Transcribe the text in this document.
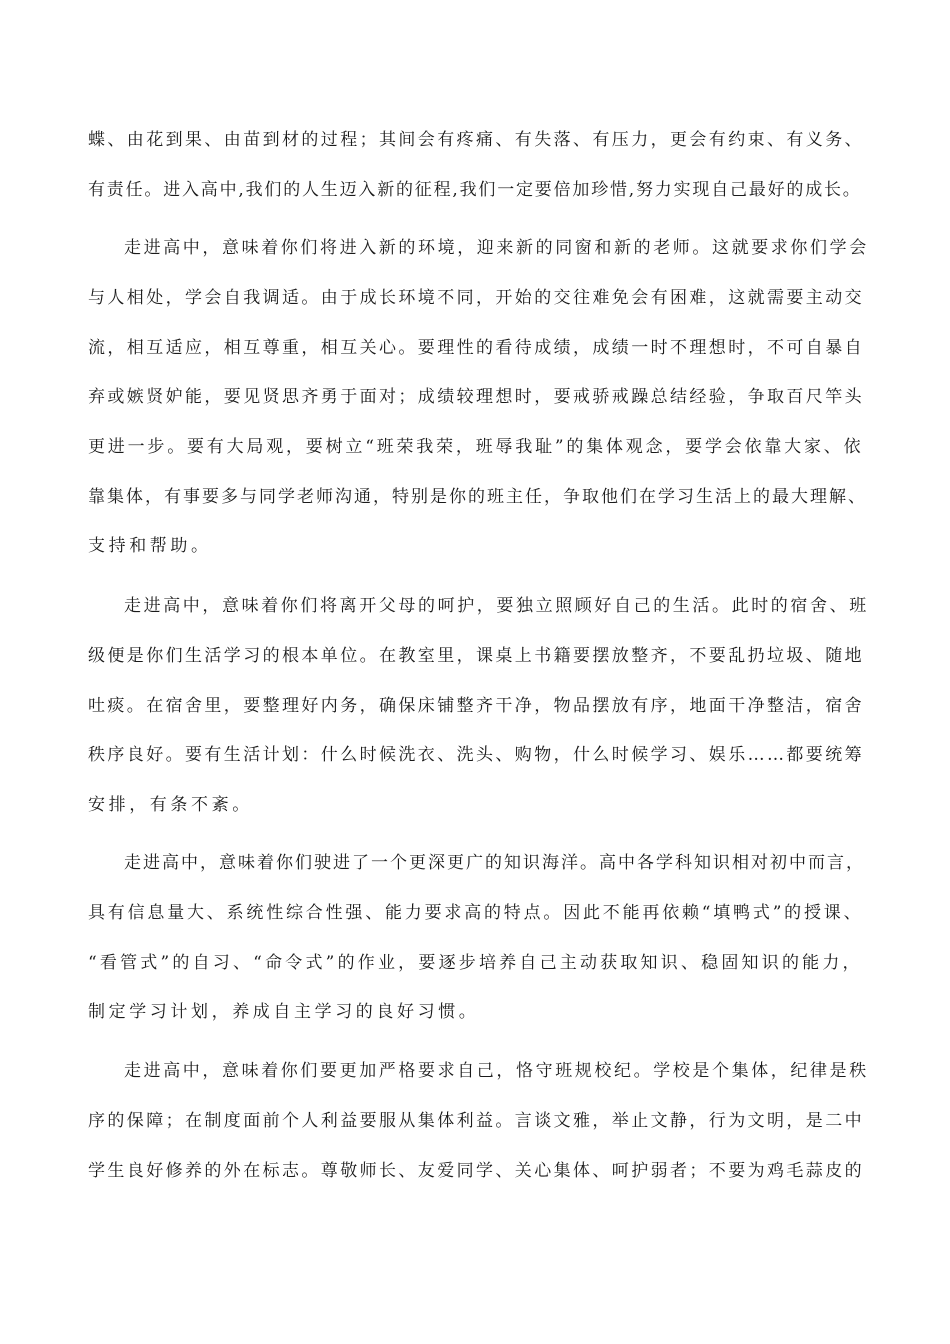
蝶、由花到果、由苗到材的过程；其间会有疼痛、有失落、有压力，更会有约束、有义务、
有责任。进入高中,我们的人生迈入新的征程,我们一定要倍加珍惜,努力实现自己最好的成长。
走进高中，意味着你们将进入新的环境，迎来新的同窗和新的老师。这就要求你们学会
与人相处，学会自我调适。由于成长环境不同，开始的交往难免会有困难，这就需要主动交
流，相互适应，相互尊重，相互关心。要理性的看待成绩，成绩一时不理想时，不可自暴自
弃或嫉贤妒能，要见贤思齐勇于面对；成绩较理想时，要戒骄戒躁总结经验，争取百尺竿头
更进一步。要有大局观，要树立“班荣我荣，班辱我耻”的集体观念，要学会依靠大家、依
靠集体，有事要多与同学老师沟通，特别是你的班主任，争取他们在学习生活上的最大理解、
支持和帮助。
走进高中，意味着你们将离开父母的呵护，要独立照顾好自己的生活。此时的宿舍、班
级便是你们生活学习的根本单位。在教室里，课桌上书籍要摆放整齐，不要乱扔垃圾、随地
吐痰。在宿舍里，要整理好内务，确保床铺整齐干净，物品摆放有序，地面干净整洁，宿舍
秩序良好。要有生活计划：什么时候洗衣、洗头、购物，什么时候学习、娱乐……都要统筹
安排，有条不紊。
走进高中，意味着你们驶进了一个更深更广的知识海洋。高中各学科知识相对初中而言，
具有信息量大、系统性综合性强、能力要求高的特点。因此不能再依赖“填鸭式”的授课、
“看管式”的自习、“命令式”的作业，要逐步培养自己主动获取知识、稳固知识的能力，
制定学习计划，养成自主学习的良好习惯。
走进高中，意味着你们要更加严格要求自己，恪守班规校纪。学校是个集体，纪律是秩
序的保障；在制度面前个人利益要服从集体利益。言谈文雅，举止文静，行为文明，是二中
学生良好修养的外在标志。尊敬师长、友爱同学、关心集体、呵护弱者；不要为鸡毛蒜皮的
